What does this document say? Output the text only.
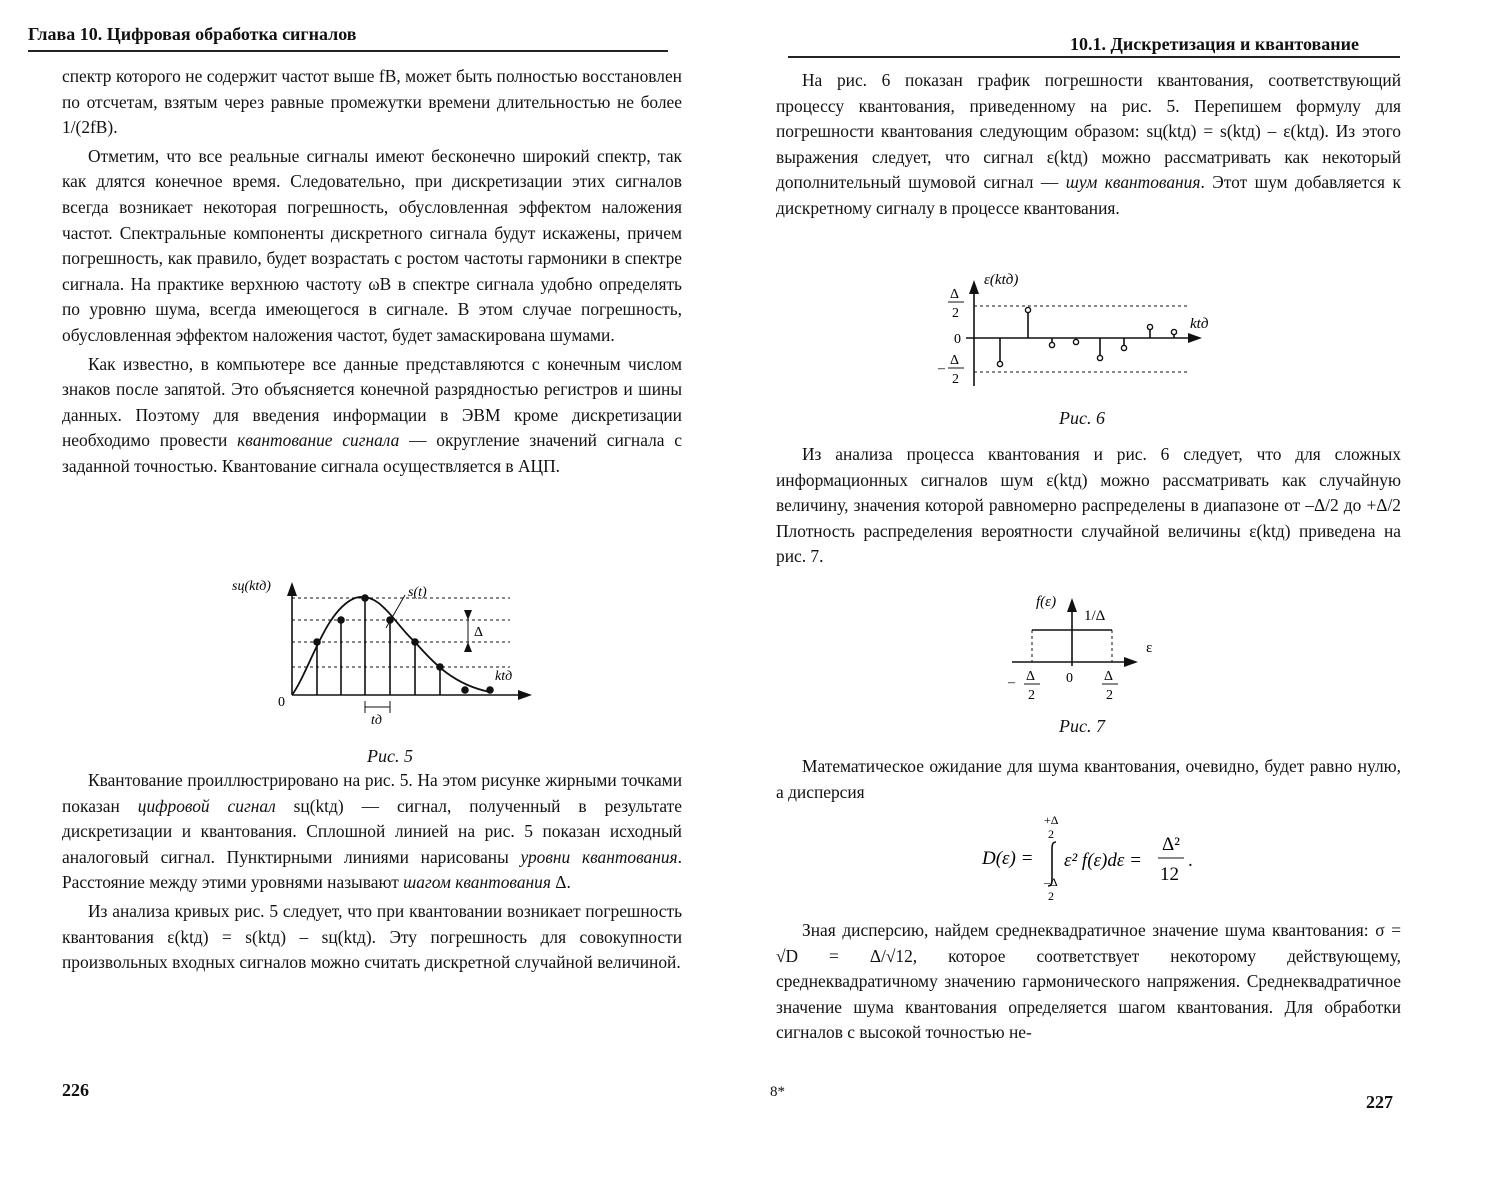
Глава 10. Цифровая обработка сигналов

спектр которого не содержит частот выше fВ, может быть полностью восстановлен по отсчетам, взятым через равные промежутки времени длительностью не более 1/(2fВ).

Отметим, что все реальные сигналы имеют бесконечно широкий спектр, так как длятся конечное время. Следовательно, при дискретизации этих сигналов всегда возникает некоторая погрешность, обусловленная эффектом наложения частот. Спектральные компоненты дискретного сигнала будут искажены, причем погрешность, как правило, будет возрастать с ростом частоты гармоники в спектре сигнала. На практике верхнюю частоту ωВ в спектре сигнала удобно определять по уровню шума, всегда имеющегося в сигнале. В этом случае погрешность, обусловленная эффектом наложения частот, будет замаскирована шумами.

Как известно, в компьютере все данные представляются с конечным числом знаков после запятой. Это объясняется конечной разрядностью регистров и шины данных. Поэтому для введения информации в ЭВМ кроме дискретизации необходимо провести квантование сигнала — округление значений сигнала с заданной точностью. Квантование сигнала осуществляется в АЦП.

sц(ktд)	s(t)
Δ
ktд
0
tд
Рис. 5

Квантование проиллюстрировано на рис. 5. На этом рисунке жирными точками показан цифровой сигнал sц(ktд) — сигнал, полученный в результате дискретизации и квантования. Сплошной линией на рис. 5 показан исходный аналоговый сигнал. Пунктирными линиями нарисованы уровни квантования. Расстояние между этими уровнями называют шагом квантования Δ.

Из анализа кривых рис. 5 следует, что при квантовании возникает погрешность квантования ε(ktд) = s(ktд) – sц(ktд). Эту погрешность для совокупности произвольных входных сигналов можно считать дискретной случайной величиной.

226
10.1. Дискретизация и квантование

На рис. 6 показан график погрешности квантования, соответствующий процессу квантования, приведенному на рис. 5. Перепишем формулу для погрешности квантования следующим образом: sц(ktд) = s(ktд) – ε(ktд). Из этого выражения следует, что сигнал ε(ktд) можно рассматривать как некоторый дополнительный шумовой сигнал — шум квантования. Этот шум добавляется к дискретному сигналу в процессе квантования.

ε(ktд)
ktд
Δ
2
0
–
Δ
2
Рис. 6

Из анализа процесса квантования и рис. 6 следует, что для сложных информационных сигналов шум ε(ktд) можно рассматривать как случайную величину, значения которой равномерно распределены в диапазоне от –Δ/2 до +Δ/2 Плотность распределения вероятности случайной величины ε(ktд) приведена на рис. 7.

f(ε)
1/Δ
ε
– Δ
2
0 Δ
2
Рис. 7

Математическое ожидание для шума квантования, очевидно, будет равно нулю, а дисперсия

D(ε) =
+Δ
2
–Δ
2
ε² f(ε)dε =
Δ²
12
.

Зная дисперсию, найдем среднеквадратичное значение шума квантования: σ = √D = Δ/√12, которое соответствует некоторому действующему, среднеквадратичному значению гармонического напряжения. Среднеквадратичное значение шума квантования определяется шагом квантования. Для обработки сигналов с высокой точностью не-

8*	227
